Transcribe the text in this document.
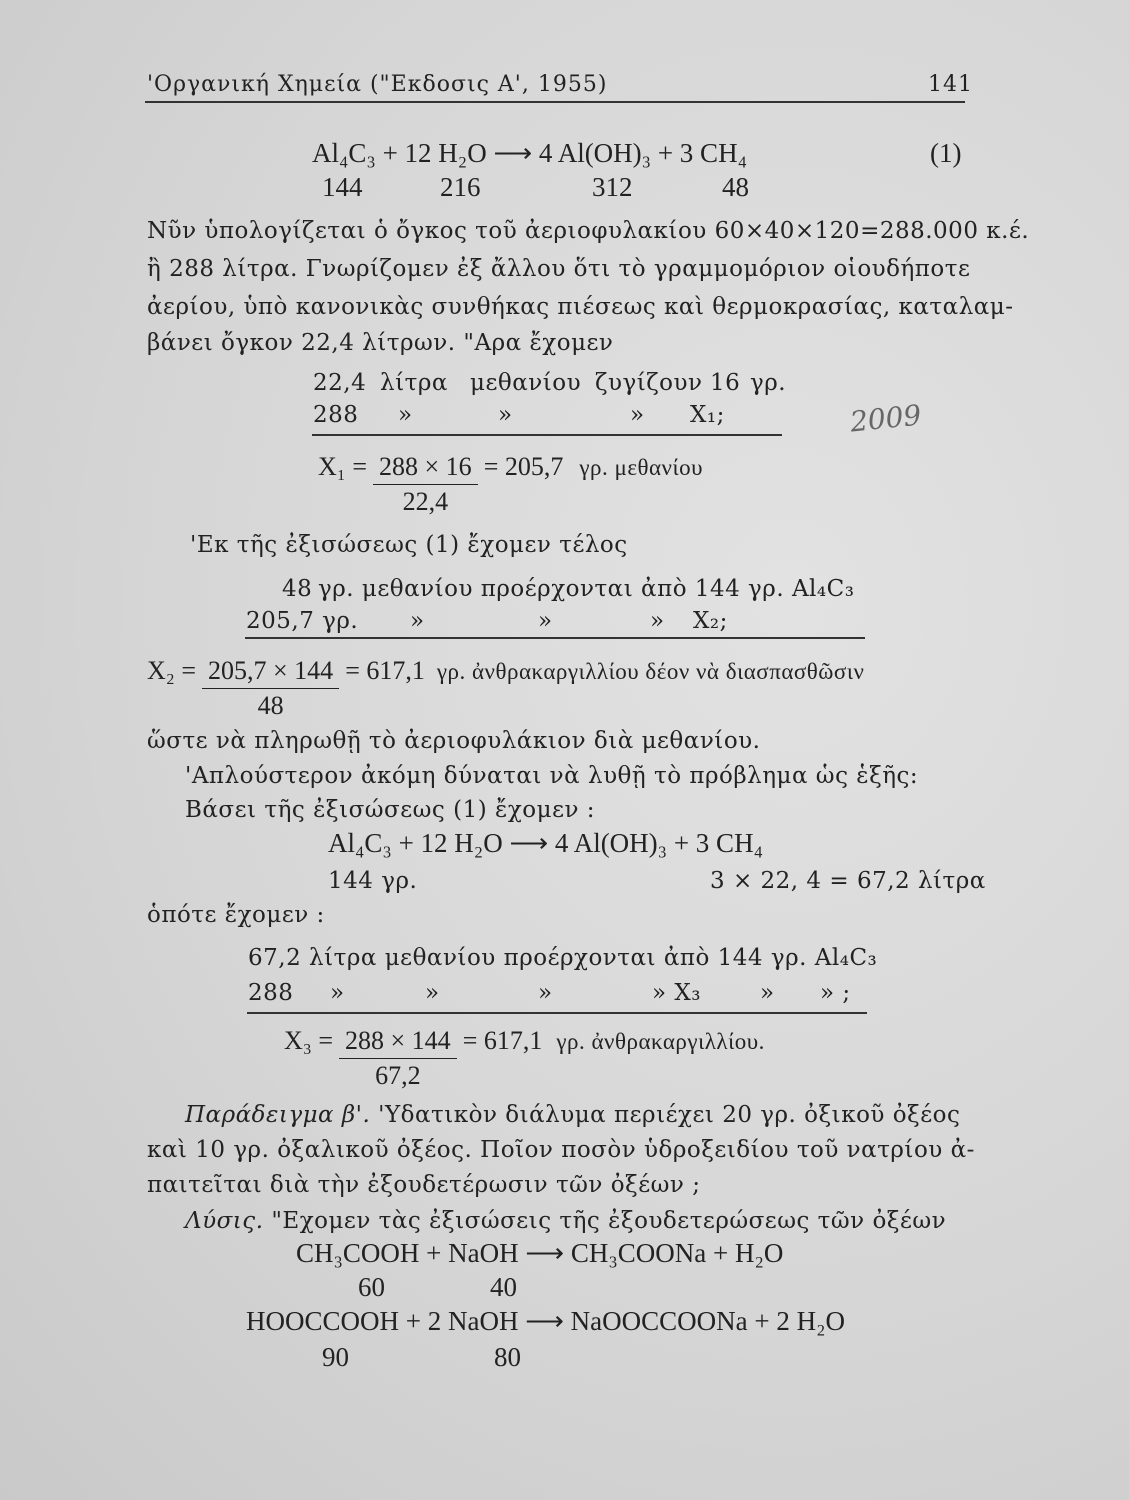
'Οργανική Χημεία ("Εκδοσις Α', 1955)	141
Al₄C₃ + 12 H₂O ⟶ 4 Al(OH)₃ + 3 CH₄	(1)
144	216	312	48
Νῦν ὑπολογίζεται ὁ ὄγκος τοῦ ἀεριοφυλακίου 60×40×120=288.000 κ.έ.
ἢ 288 λίτρα. Γνωρίζομεν ἐξ ἄλλου ὅτι τὸ γραμμομόριον οἱουδήποτε
ἀερίου, ὑπὸ κανονικὰς συνθήκας πιέσεως καὶ θερμοκρασίας, καταλαμ-
βάνει ὄγκον 22,4 λίτρων. "Αρα ἔχομεν
22,4 λίτρα μεθανίου ζυγίζουν 16 γρ.
288 »	»	» X₁;	2009
$X_1 = \frac{288 \times 16}{22,4} = 205,7$ γρ. μεθανίου
'Εκ τῆς ἐξισώσεως (1) ἔχομεν τέλος
48 γρ. μεθανίου προέρχονται ἀπὸ 144 γρ. Al₄C₃
205,7 γρ. »	»	» X₂;
$X_2 = \frac{205,7 \times 144}{48} = 617,1$ γρ. ἀνθρακαργιλλίου δέον νὰ διασπασθῶσιν
ὥστε νὰ πληρωθῇ τὸ ἀεριοφυλάκιον διὰ μεθανίου.
'Απλούστερον ἀκόμη δύναται νὰ λυθῇ τὸ πρόβλημα ὡς ἑξῆς:
Βάσει τῆς ἐξισώσεως (1) ἔχομεν :
Al₄C₃ + 12 H₂O ⟶ 4 Al(OH)₃ + 3 CH₄
144 γρ.	3 × 22, 4 = 67,2 λίτρα
ὁπότε ἔχομεν :
67,2 λίτρα μεθανίου προέρχονται ἀπὸ 144 γρ. Al₄C₃
288 »	»	»	» X₃	» » ;
$X_3 = \frac{288 \times 144}{67,2} = 617,1$ γρ. ἀνθρακαργιλλίου.
Παράδειγμα β'. 'Υδατικὸν διάλυμα περιέχει 20 γρ. ὀξικοῦ ὀξέος
καὶ 10 γρ. ὀξαλικοῦ ὀξέος. Ποῖον ποσὸν ὑδροξειδίου τοῦ νατρίου ἀ-
παιτεῖται διὰ τὴν ἐξουδετέρωσιν τῶν ὀξέων ;
Λύσις. "Εχομεν τὰς ἐξισώσεις τῆς ἐξουδετερώσεως τῶν ὀξέων
CH₃COOH + NaOH ⟶ CH₃COONa + H₂O
60	40
HOOCCOOH + 2 NaOH ⟶ NaOOCCOONa + 2 H₂O
90	80
